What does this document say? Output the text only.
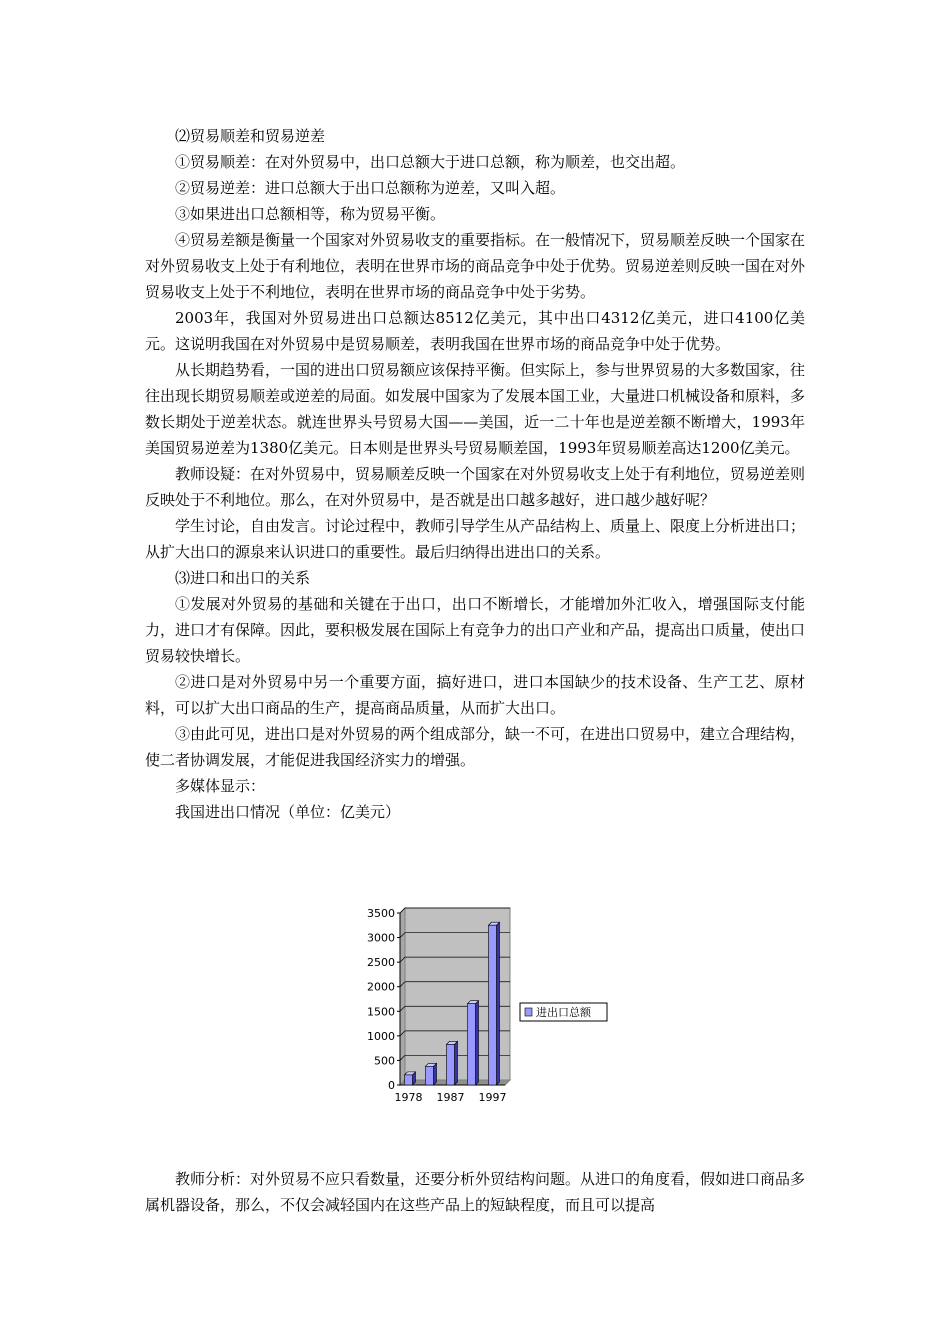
⑵贸易顺差和贸易逆差

①贸易顺差：在对外贸易中，出口总额大于进口总额，称为顺差，也交出超。

②贸易逆差：进口总额大于出口总额称为逆差，又叫入超。

③如果进出口总额相等，称为贸易平衡。

④贸易差额是衡量一个国家对外贸易收支的重要指标。在一般情况下，贸易顺差反映一个国家在对外贸易收支上处于有利地位，表明在世界市场的商品竞争中处于优势。贸易逆差则反映一国在对外贸易收支上处于不利地位，表明在世界市场的商品竞争中处于劣势。

2003年，我国对外贸易进出口总额达8512亿美元，其中出口4312亿美元，进口4100亿美元。这说明我国在对外贸易中是贸易顺差，表明我国在世界市场的商品竞争中处于优势。

从长期趋势看，一国的进出口贸易额应该保持平衡。但实际上，参与世界贸易的大多数国家，往往出现长期贸易顺差或逆差的局面。如发展中国家为了发展本国工业，大量进口机械设备和原料，多数长期处于逆差状态。就连世界头号贸易大国——美国，近一二十年也是逆差额不断增大，1993年美国贸易逆差为1380亿美元。日本则是世界头号贸易顺差国，1993年贸易顺差高达1200亿美元。

教师设疑：在对外贸易中，贸易顺差反映一个国家在对外贸易收支上处于有利地位，贸易逆差则反映处于不利地位。那么，在对外贸易中，是否就是出口越多越好，进口越少越好呢？

学生讨论，自由发言。讨论过程中，教师引导学生从产品结构上、质量上、限度上分析进出口；从扩大出口的源泉来认识进口的重要性。最后归纳得出进出口的关系。

⑶进口和出口的关系

①发展对外贸易的基础和关键在于出口，出口不断增长，才能增加外汇收入，增强国际支付能力，进口才有保障。因此，要积极发展在国际上有竞争力的出口产业和产品，提高出口质量，使出口贸易较快增长。

②进口是对外贸易中另一个重要方面，搞好进口，进口本国缺少的技术设备、生产工艺、原材料，可以扩大出口商品的生产，提高商品质量，从而扩大出口。

③由此可见，进出口是对外贸易的两个组成部分，缺一不可，在进出口贸易中，建立合理结构，使二者协调发展，才能促进我国经济实力的增强。

多媒体显示：

我国进出口情况（单位：亿美元）

0
500
1000
1500
2000
2500
3000
3500
1978 1987 1997
进出口总额

教师分析：对外贸易不应只看数量，还要分析外贸结构问题。从进口的角度看，假如进口商品多属机器设备，那么，不仅会减轻国内在这些产品上的短缺程度，而且可以提高
